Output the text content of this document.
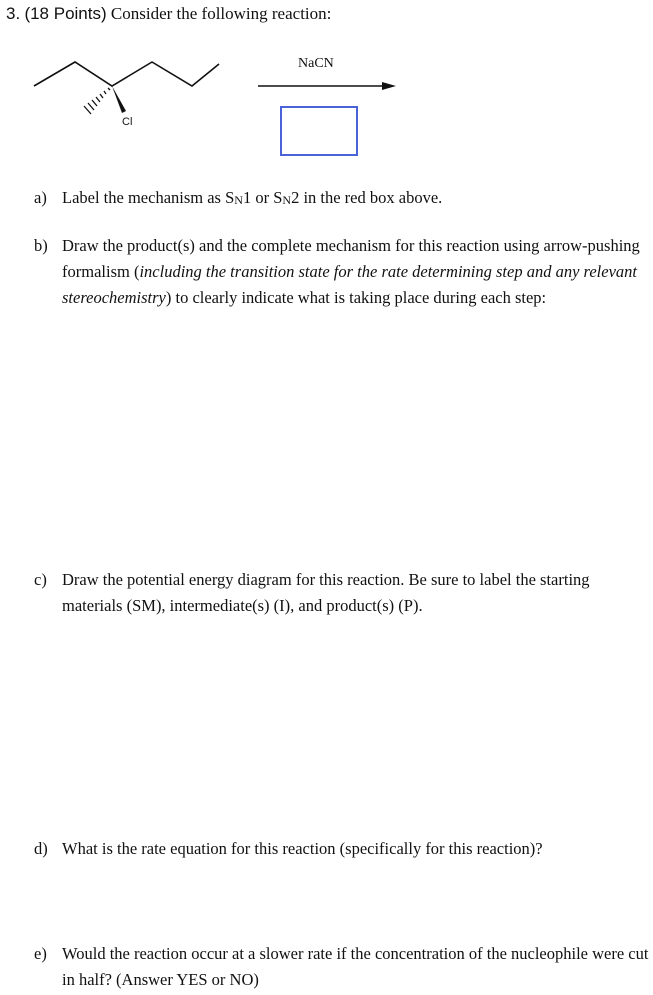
3. (18 Points) Consider the following reaction:
NaCN
Cl
a) Label the mechanism as $S_N1$ or $S_N2$ in the red box above.
b) Draw the product(s) and the complete mechanism for this reaction using arrow-pushing formalism (including the transition state for the rate determining step and any relevant stereochemistry) to clearly indicate what is taking place during each step:
c) Draw the potential energy diagram for this reaction. Be sure to label the starting materials (SM), intermediate(s) (I), and product(s) (P).
d) What is the rate equation for this reaction (specifically for this reaction)?
e) Would the reaction occur at a slower rate if the concentration of the nucleophile were cut in half? (Answer YES or NO)
